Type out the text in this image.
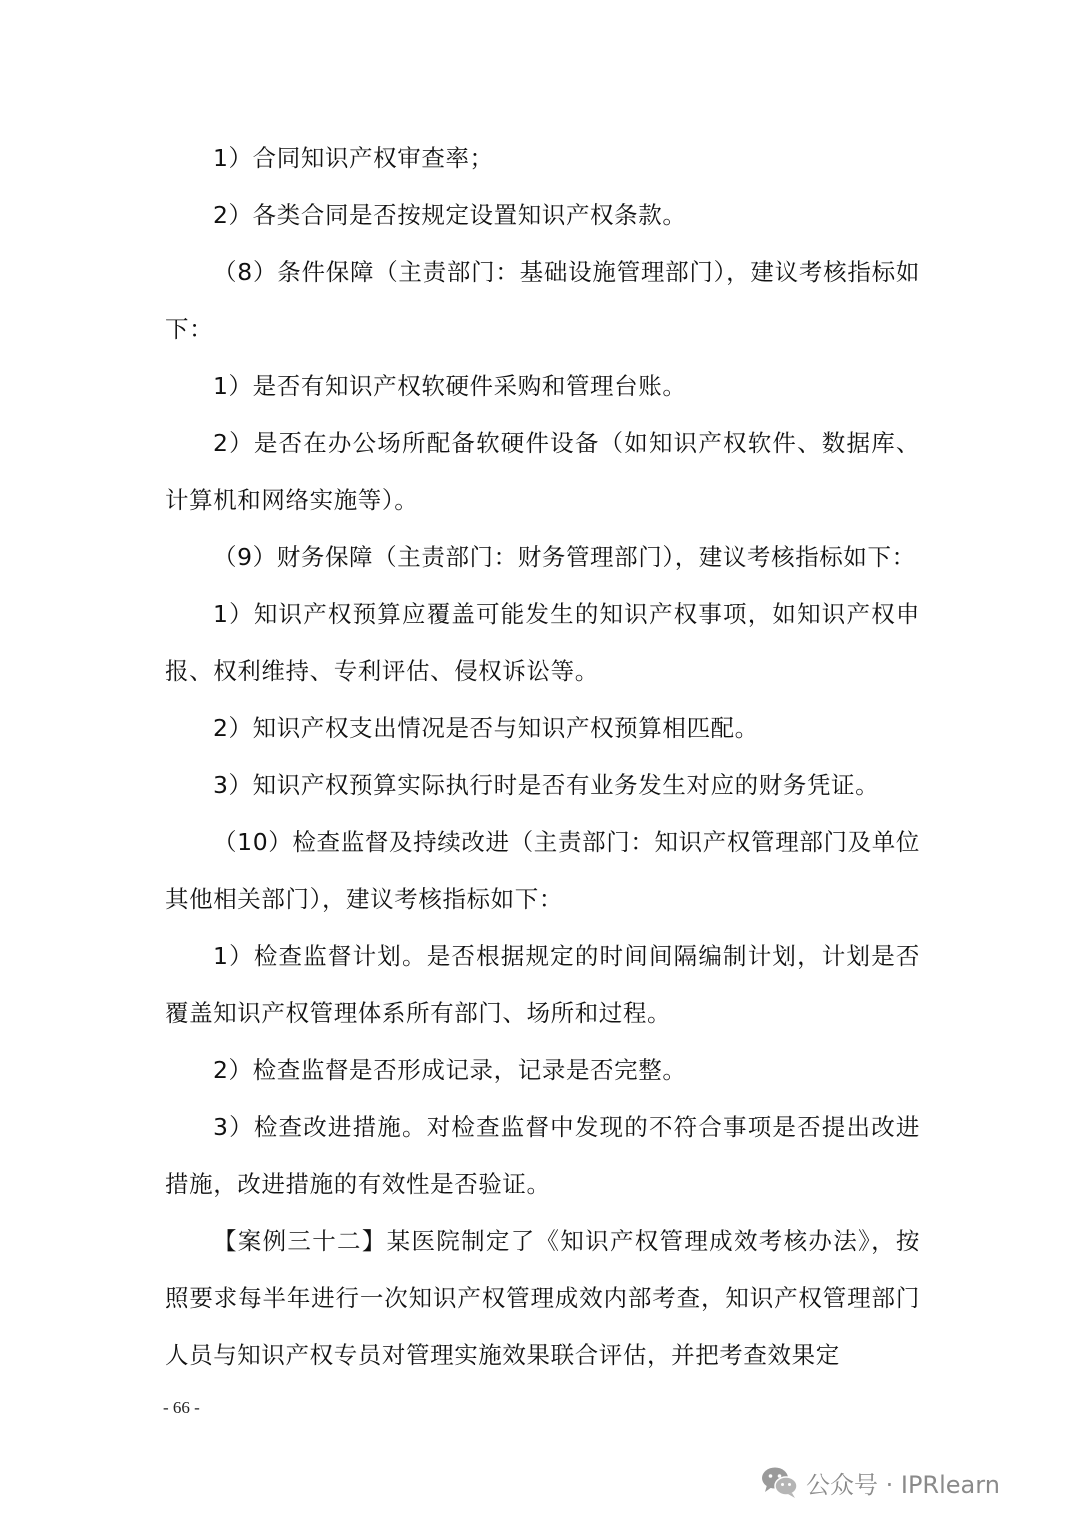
1）合同知识产权审查率；

2）各类合同是否按规定设置知识产权条款。

（8）条件保障（主责部门：基础设施管理部门），建议考核指标如下：

1）是否有知识产权软硬件采购和管理台账。

2）是否在办公场所配备软硬件设备（如知识产权软件、数据库、计算机和网络实施等）。

（9）财务保障（主责部门：财务管理部门），建议考核指标如下：

1）知识产权预算应覆盖可能发生的知识产权事项，如知识产权申报、权利维持、专利评估、侵权诉讼等。

2）知识产权支出情况是否与知识产权预算相匹配。

3）知识产权预算实际执行时是否有业务发生对应的财务凭证。

（10）检查监督及持续改进（主责部门：知识产权管理部门及单位其他相关部门），建议考核指标如下：

1）检查监督计划。是否根据规定的时间间隔编制计划，计划是否覆盖知识产权管理体系所有部门、场所和过程。

2）检查监督是否形成记录，记录是否完整。

3）检查改进措施。对检查监督中发现的不符合事项是否提出改进措施，改进措施的有效性是否验证。

【案例三十二】某医院制定了《知识产权管理成效考核办法》，按照要求每半年进行一次知识产权管理成效内部考查，知识产权管理部门人员与知识产权专员对管理实施效果联合评估，并把考查效果定

- 66 -
公众号 · IPRlearn
